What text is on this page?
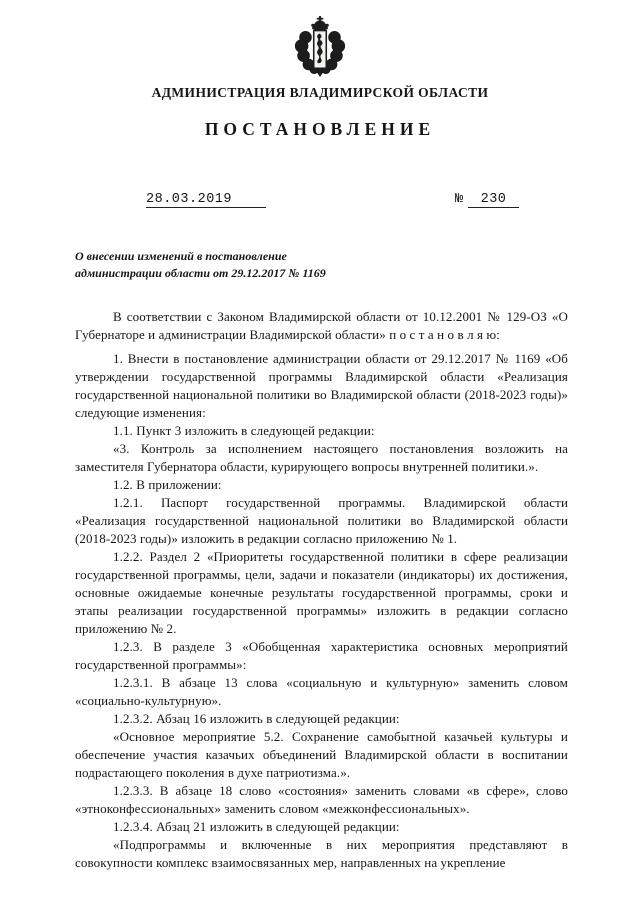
АДМИНИСТРАЦИЯ ВЛАДИМИРСКОЙ ОБЛАСТИ
ПОСТАНОВЛЕНИЕ
28.03.2019	№ 230
О внесении изменений в постановление
администрации области от 29.12.2017 № 1169

В соответствии с Законом Владимирской области от 10.12.2001 № 129-ОЗ «О Губернаторе и администрации Владимирской области» п о с т а н о в л я ю:

1. Внести в постановление администрации области от 29.12.2017 № 1169 «Об утверждении государственной программы Владимирской области «Реализация государственной национальной политики во Владимирской области (2018-2023 годы)» следующие изменения:

1.1. Пункт 3 изложить в следующей редакции:

«3. Контроль за исполнением настоящего постановления возложить на заместителя Губернатора области, курирующего вопросы внутренней политики.».

1.2. В приложении:

1.2.1. Паспорт государственной программы. Владимирской области «Реализация государственной национальной политики во Владимирской области (2018-2023 годы)» изложить в редакции согласно приложению № 1.

1.2.2. Раздел 2 «Приоритеты государственной политики в сфере реализации государственной программы, цели, задачи и показатели (индикаторы) их достижения, основные ожидаемые конечные результаты государственной программы, сроки и этапы реализации государственной программы» изложить в редакции согласно приложению № 2.

1.2.3. В разделе 3 «Обобщенная характеристика основных мероприятий государственной программы»:

1.2.3.1. В абзаце 13 слова «социальную и культурную» заменить словом «социально-культурную».

1.2.3.2. Абзац 16 изложить в следующей редакции:

«Основное мероприятие 5.2. Сохранение самобытной казачьей культуры и обеспечение участия казачьих объединений Владимирской области в воспитании подрастающего поколения в духе патриотизма.».

1.2.3.3. В абзаце 18 слово «состояния» заменить словами «в сфере», слово «этноконфессиональных» заменить словом «межконфессиональных».

1.2.3.4. Абзац 21 изложить в следующей редакции:

«Подпрограммы и включенные в них мероприятия представляют в совокупности комплекс взаимосвязанных мер, направленных на укрепление
